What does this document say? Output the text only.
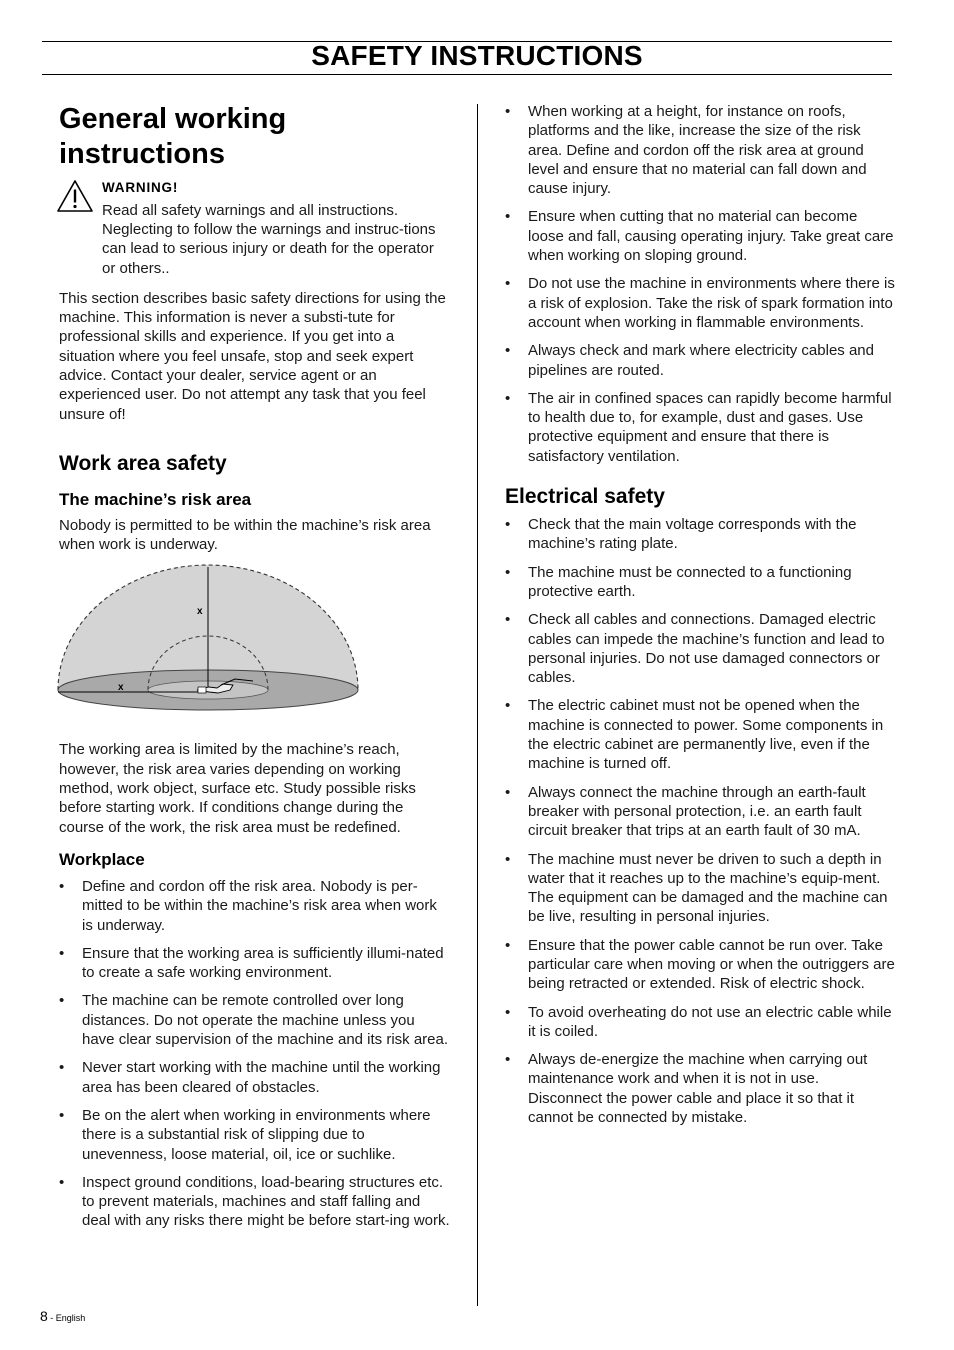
SAFETY INSTRUCTIONS
General working instructions
WARNING!
Read all safety warnings and all instructions. Neglecting to follow the warnings and instruc-tions can lead to serious injury or death for the operator or others..

This section describes basic safety directions for using the machine. This information is never a substi-tute for professional skills and experience. If you get into a situation where you feel unsafe, stop and seek expert advice. Contact your dealer, service agent or an experienced user. Do not attempt any task that you feel unsure of!

Work area safety
The machine’s risk area

Nobody is permitted to be within the machine’s risk area when work is underway.

x
x

The working area is limited by the machine’s reach, however, the risk area varies depending on working method, work object, surface etc. Study possible risks before starting work. If conditions change during the course of the work, the risk area must be redefined.

Workplace
• Define and cordon off the risk area. Nobody is per-mitted to be within the machine’s risk area when work is underway.
• Ensure that the working area is sufficiently illumi-nated to create a safe working environment.
• The machine can be remote controlled over long distances. Do not operate the machine unless you have clear supervision of the machine and its risk area.
• Never start working with the machine until the working area has been cleared of obstacles.
• Be on the alert when working in environments where there is a substantial risk of slipping due to unevenness, loose material, oil, ice or suchlike.
• Inspect ground conditions, load-bearing structures etc. to prevent materials, machines and staff falling and deal with any risks there might be before start-ing work.
• When working at a height, for instance on roofs, platforms and the like, increase the size of the risk area. Define and cordon off the risk area at ground level and ensure that no material can fall down and cause injury.
• Ensure when cutting that no material can become loose and fall, causing operating injury. Take great care when working on sloping ground.
• Do not use the machine in environments where there is a risk of explosion. Take the risk of spark formation into account when working in flammable environments.
• Always check and mark where electricity cables and pipelines are routed.
• The air in confined spaces can rapidly become harmful to health due to, for example, dust and gases. Use protective equipment and ensure that there is satisfactory ventilation.
Electrical safety
• Check that the main voltage corresponds with the machine’s rating plate.
• The machine must be connected to a functioning protective earth.
• Check all cables and connections. Damaged electric cables can impede the machine’s function and lead to personal injuries. Do not use damaged connectors or cables.
• The electric cabinet must not be opened when the machine is connected to power. Some components in the electric cabinet are permanently live, even if the machine is turned off.
• Always connect the machine through an earth-fault breaker with personal protection, i.e. an earth fault circuit breaker that trips at an earth fault of 30 mA.
• The machine must never be driven to such a depth in water that it reaches up to the machine’s equip-ment. The equipment can be damaged and the machine can be live, resulting in personal injuries.
• Ensure that the power cable cannot be run over. Take particular care when moving or when the outriggers are being retracted or extended. Risk of electric shock.
• To avoid overheating do not use an electric cable while it is coiled.
• Always de-energize the machine when carrying out maintenance work and when it is not in use. Disconnect the power cable and place it so that it cannot be connected by mistake.
8 - English
